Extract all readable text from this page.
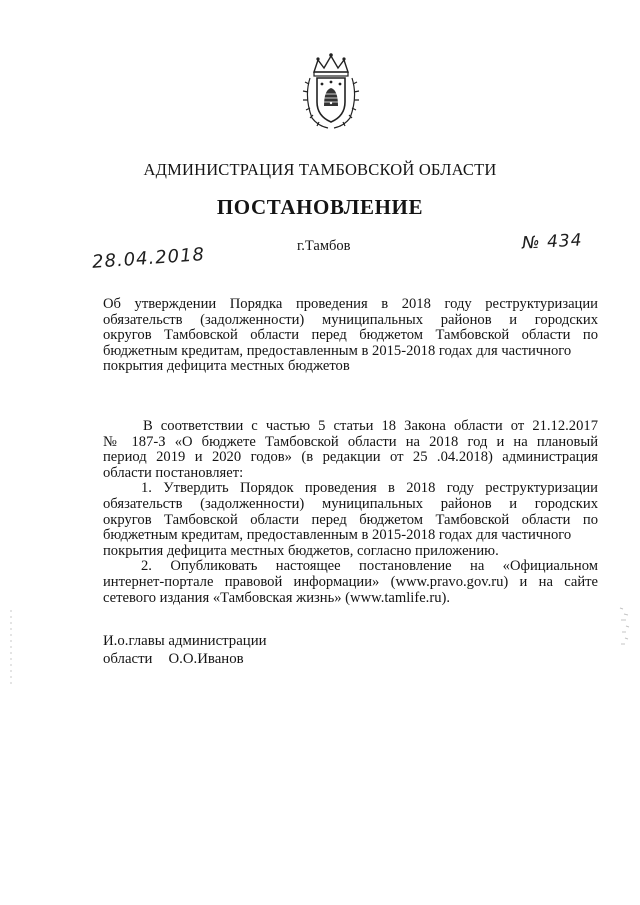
АДМИНИСТРАЦИЯ ТАМБОВСКОЙ ОБЛАСТИ
ПОСТАНОВЛЕНИЕ
г.Тамбов
28.04.2018
№ 434
Об утверждении Порядка проведения в 2018 году реструктуризации
обязательств (задолженности) муниципальных районов и городских
округов Тамбовской области перед бюджетом Тамбовской области по
бюджетным кредитам, предоставленным в 2015-2018 годах для частичного
покрытия дефицита местных бюджетов
В соответствии с частью 5 статьи 18 Закона области от 21.12.2017
№ 187-З «О бюджете Тамбовской области на 2018 год и на плановый
период 2019 и 2020 годов» (в редакции от 25 .04.2018) администрация
области постановляет:
1. Утвердить Порядок проведения в 2018 году реструктуризации
обязательств (задолженности) муниципальных районов и городских
округов Тамбовской области перед бюджетом Тамбовской области по
бюджетным кредитам, предоставленным в 2015-2018 годах для частичного
покрытия дефицита местных бюджетов, согласно приложению.
2. Опубликовать настоящее постановление на «Официальном
интернет-портале правовой информации» (www.pravo.gov.ru) и на сайте
сетевого издания «Тамбовская жизнь» (www.tamlife.ru).
И.о.главы администрации
области О.О.Иванов
